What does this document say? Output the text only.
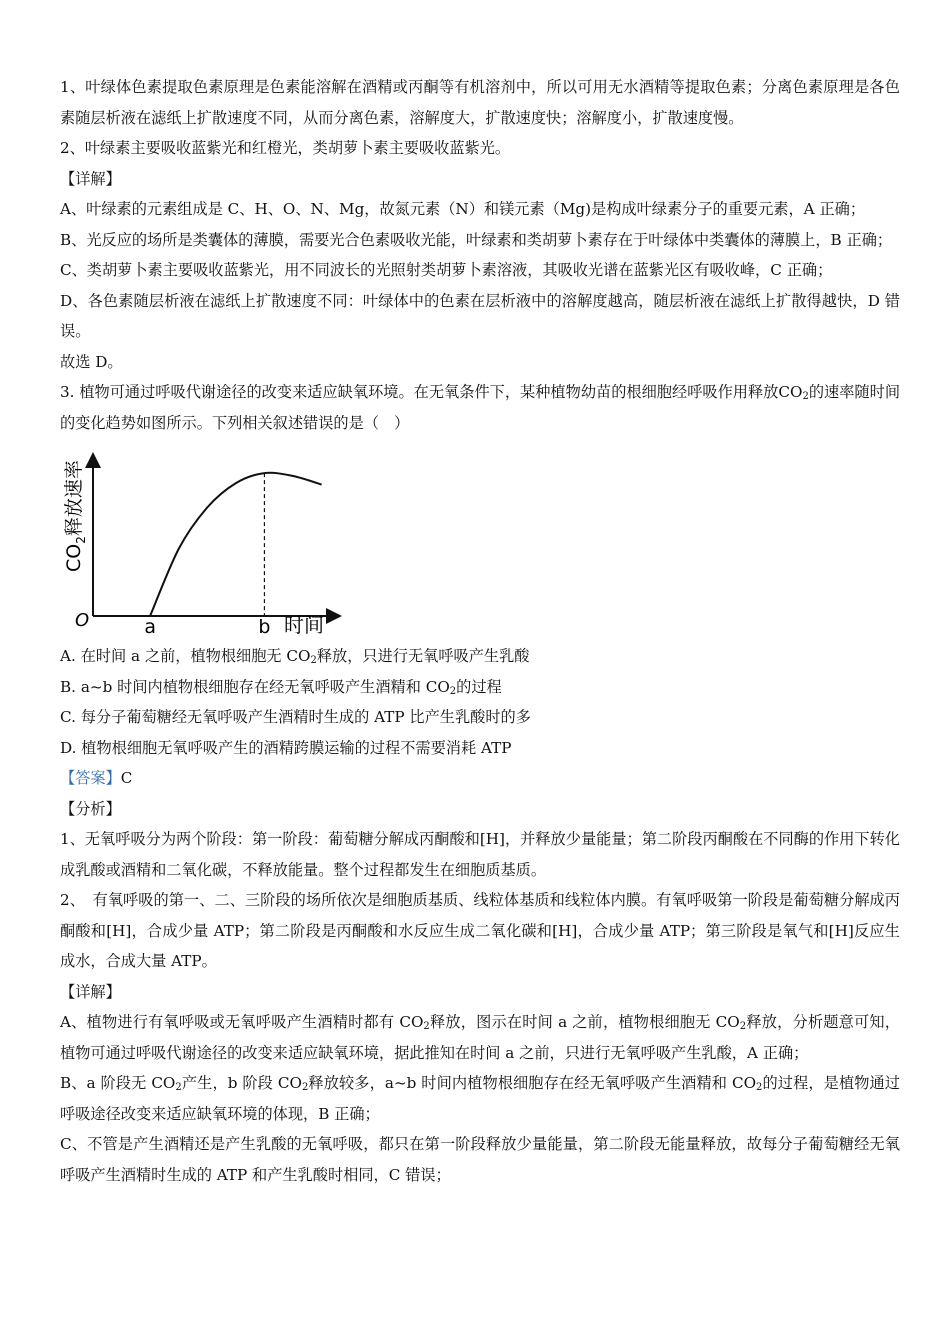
1、叶绿体色素提取色素原理是色素能溶解在酒精或丙酮等有机溶剂中，所以可用无水酒精等提取色素；分离色素原理是各色素随层析液在滤纸上扩散速度不同，从而分离色素，溶解度大，扩散速度快；溶解度小，扩散速度慢。

2、叶绿素主要吸收蓝紫光和红橙光，类胡萝卜素主要吸收蓝紫光。

【详解】

A、叶绿素的元素组成是 C、H、O、N、Mg，故氮元素（N）和镁元素（Mg)是构成叶绿素分子的重要元素，A 正确；

B、光反应的场所是类囊体的薄膜，需要光合色素吸收光能，叶绿素和类胡萝卜素存在于叶绿体中类囊体的薄膜上，B 正确；

C、类胡萝卜素主要吸收蓝紫光，用不同波长的光照射类胡萝卜素溶液，其吸收光谱在蓝紫光区有吸收峰，C 正确；

D、各色素随层析液在滤纸上扩散速度不同：叶绿体中的色素在层析液中的溶解度越高，随层析液在滤纸上扩散得越快，D 错误。

故选 D。

3. 植物可通过呼吸代谢途径的改变来适应缺氧环境。在无氧条件下，某种植物幼苗的根细胞经呼吸作用释放$CO_2$的速率随时间的变化趋势如图所示。下列相关叙述错误的是（　）

O	a	b 时间
$CO_2$释放速率

A. 在时间 a 之前，植物根细胞无 $CO_2$释放，只进行无氧呼吸产生乳酸

B. a~b 时间内植物根细胞存在经无氧呼吸产生酒精和 $CO_2$的过程

C. 每分子葡萄糖经无氧呼吸产生酒精时生成的 ATP 比产生乳酸时的多

D. 植物根细胞无氧呼吸产生的酒精跨膜运输的过程不需要消耗 ATP

【答案】C

【分析】

1、无氧呼吸分为两个阶段：第一阶段：葡萄糖分解成丙酮酸和[H]，并释放少量能量；第二阶段丙酮酸在不同酶的作用下转化成乳酸或酒精和二氧化碳，不释放能量。整个过程都发生在细胞质基质。

2、　有氧呼吸的第一、二、三阶段的场所依次是细胞质基质、线粒体基质和线粒体内膜。有氧呼吸第一阶段是葡萄糖分解成丙酮酸和[H]，合成少量 ATP；第二阶段是丙酮酸和水反应生成二氧化碳和[H]，合成少量 ATP；第三阶段是氧气和[H]反应生成水，合成大量 ATP。

【详解】

A、植物进行有氧呼吸或无氧呼吸产生酒精时都有 $CO_2$释放，图示在时间 a 之前，植物根细胞无 $CO_2$释放，分析题意可知，植物可通过呼吸代谢途径的改变来适应缺氧环境，据此推知在时间 a 之前，只进行无氧呼吸产生乳酸，A 正确；

B、a 阶段无 $CO_2$产生，b 阶段 $CO_2$释放较多，a~b 时间内植物根细胞存在经无氧呼吸产生酒精和 $CO_2$的过程，是植物通过呼吸途径改变来适应缺氧环境的体现，B 正确；

C、不管是产生酒精还是产生乳酸的无氧呼吸，都只在第一阶段释放少量能量，第二阶段无能量释放，故每分子葡萄糖经无氧呼吸产生酒精时生成的 ATP 和产生乳酸时相同，C 错误；
